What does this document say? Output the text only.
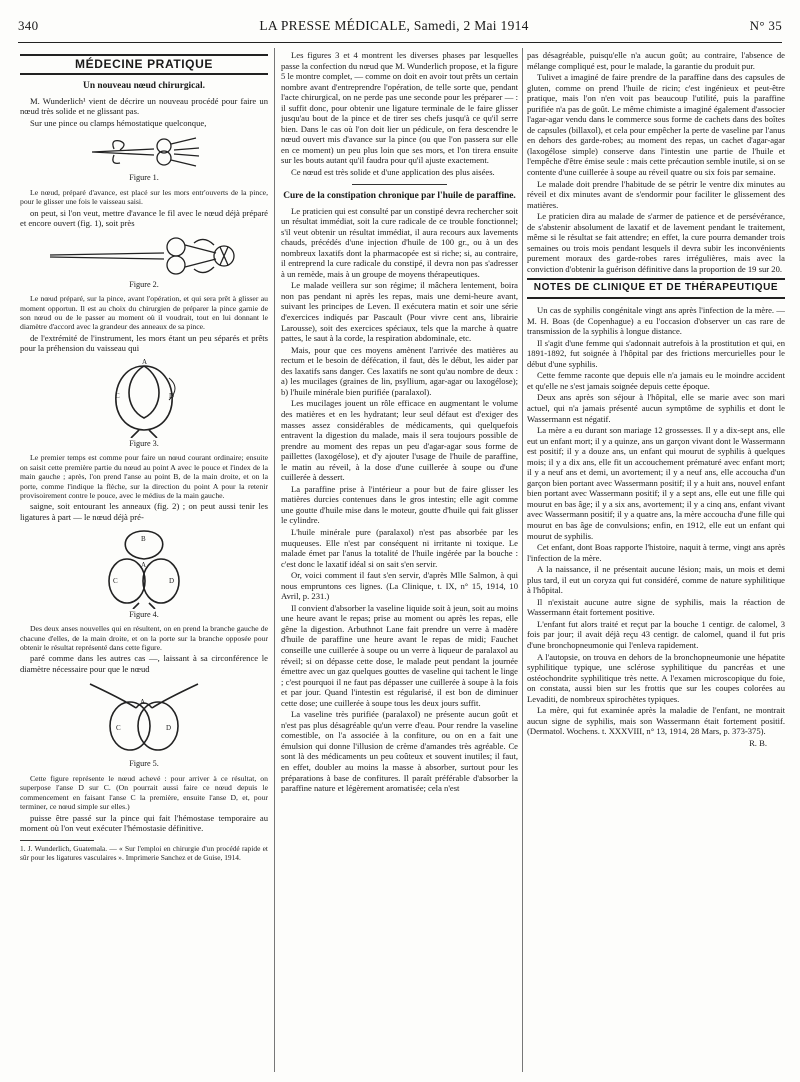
340	LA PRESSE MÉDICALE, Samedi, 2 Mai 1914	N° 35
MÉDECINE PRATIQUE
Un nouveau nœud chirurgical.

M. Wunderlich¹ vient de décrire un nouveau procédé pour faire un nœud très solide et ne glissant pas.

Sur une pince ou clamps hémostatique quelconque,

Figure 1.

Le nœud, préparé d'avance, est placé sur les mors entr'ouverts de la pince, pour le glisser une fois le vaisseau saisi.

on peut, si l'on veut, mettre d'avance le fil avec le nœud déjà préparé et encore ouvert (fig. 1), soit près

Figure 2.

Le nœud préparé, sur la pince, avant l'opération, et qui sera prêt à glisser au moment opportun. Il est au choix du chirurgien de préparer la pince garnie de son nœud ou de le passer au moment où il voudrait, tout en lui donnant le diamètre d'accord avec la grandeur des anneaux de sa pince.

de l'extrémité de l'instrument, les mors étant un peu séparés et prêts pour la préhension du vaisseau qui

A
C	D
Figure 3.

Le premier temps est comme pour faire un nœud courant ordinaire; ensuite on saisit cette première partie du nœud au point A avec le pouce et l'index de la main gauche ; après, l'on prend l'anse au point B, de la main droite, et on la porte, comme l'indique la flèche, sur la direction du point A pour la retenir provisoirement contre le pouce, avec le médius de la main gauche.

saigne, soit entourant les anneaux (fig. 2) ; on peut aussi tenir les ligatures à part — le nœud déjà pré-

B
A
C	D
Figure 4.

Des deux anses nouvelles qui en résultent, on en prend la branche gauche de chacune d'elles, de la main droite, et on la porte sur la branche opposée pour obtenir le résultat représenté dans cette figure.

paré comme dans les autres cas —, laissant à sa circonférence le diamètre nécessaire pour que le nœud

A
C	D
Figure 5.

Cette figure représente le nœud achevé : pour arriver à ce résultat, on superpose l'anse D sur C. (On pourrait aussi faire ce nœud depuis le commencement en faisant l'anse C la première, ensuite l'anse D, et, pour terminer, ce nœud simple sur elles.)

puisse être passé sur la pince qui fait l'hémostase temporaire au moment où l'on veut exécuter l'hémostasie définitive.

1. J. Wunderlich, Guatemala. — « Sur l'emploi en chirurgie d'un procédé rapide et sûr pour les ligatures vasculaires ». Imprimerie Sanchez et de Guise, 1914.

Les figures 3 et 4 montrent les diverses phases par lesquelles passe la confection du nœud que M. Wunderlich propose, et la figure 5 le montre complet, — comme on doit en avoir tout prêts un certain nombre avant d'entreprendre l'opération, de telle sorte que, pendant l'acte chirurgical, on ne perde pas une seconde pour les préparer — : il suffit donc, pour obtenir une ligature terminale de le faire glisser jusqu'au bout de la pince et de tirer ses chefs jusqu'à ce qu'il serre bien. Dans le cas où l'on doit lier un pédicule, on fera descendre le nœud ouvert mis d'avance sur la pince (ou que l'on passera sur elle en ce moment) un peu plus loin que ses mors, et l'on tirera ensuite sur les bouts autant qu'il faudra pour qu'il ajuste exactement.

Ce nœud est très solide et d'une application des plus aisées.

Cure de la constipation chronique par l'huile de paraffine.

Le praticien qui est consulté par un constipé devra rechercher soit un résultat immédiat, soit la cure radicale de ce trouble fonctionnel; s'il veut obtenir un résultat immédiat, il aura recours aux lavements chauds, précédés d'une injection d'huile de 100 gr., ou à un des nombreux laxatifs dont la pharmacopée est si riche; si, au contraire, il entreprend la cure radicale du constipé, il devra non pas s'adresser à un remède, mais à un groupe de moyens thérapeutiques.

Le malade veillera sur son régime; il mâchera lentement, boira non pas pendant ni après les repas, mais une demi-heure avant, suivant les principes de Leven. Il exécutera matin et soir une série d'exercices indiqués par Pascault (Pour vivre cent ans, librairie Larousse), soit des exercices spéciaux, tels que la marche à quatre pattes, le saut à la corde, la respiration abdominale, etc.

Mais, pour que ces moyens amènent l'arrivée des matières au rectum et le besoin de défécation, il faut, dès le début, les aider par des laxatifs sans danger. Ces laxatifs ne sont qu'au nombre de deux : a) les mucilages (graines de lin, psyllium, agar-agar ou laxogélose); b) l'huile minérale bien purifiée (paralaxol).

Les mucilages jouent un rôle efficace en augmentant le volume des matières et en les hydratant; leur seul défaut est d'exiger des masses assez considérables de médicaments, qui quelquefois entravent la digestion du malade, mais il sera toujours possible de prendre au moment des repas un peu d'agar-agar sous forme de paillettes (laxogélose), et d'y ajouter l'usage de l'huile de paraffine, le matin au réveil, à la dose d'une cuillerée à soupe ou d'une cuillerée à dessert.

La paraffine prise à l'intérieur a pour but de faire glisser les matières durcies contenues dans le gros intestin; elle agit comme une goutte d'huile mise dans le moteur, goutte d'huile qui fait glisser le cylindre.

L'huile minérale pure (paralaxol) n'est pas absorbée par les muqueuses. Elle n'est par conséquent ni irritante ni toxique. Le malade émet par l'anus la totalité de l'huile ingérée par la bouche : c'est donc le laxatif idéal si on sait s'en servir.

Or, voici comment il faut s'en servir, d'après Mlle Salmon, à qui nous empruntons ces lignes. (La Clinique, t. IX, n° 15, 1914, 10 Avril, p. 231.)

Il convient d'absorber la vaseline liquide soit à jeun, soit au moins une heure avant le repas; prise au moment ou après les repas, elle gêne la digestion. Arbuthnot Lane fait prendre un verre à madère d'huile de paraffine une heure avant le repas de midi; Fauchet conseille une cuillerée à soupe ou un verre à liqueur de paralaxol au réveil; si on dépasse cette dose, le malade peut pendant la journée émettre avec un gaz quelques gouttes de vaseline qui tachent le linge ; c'est pourquoi il ne faut pas dépasser une cuillerée à soupe à la fois et par jour. Quand l'intestin est régularisé, il est bon de diminuer cette dose; une cuillerée à soupe tous les deux jours suffit.

La vaseline très purifiée (paralaxol) ne présente aucun goût et n'est pas plus désagréable qu'un verre d'eau. Pour rendre la vaseline comestible, on l'a associée à la confiture, ou on en a fait une émulsion qui donne l'illusion de crème d'amandes très agréable. Ce sont là des médicaments un peu coûteux et souvent inutiles; il faut, en effet, doubler au moins la masse à absorber, surtout pour les préparations à base de confitures. Il paraît préférable d'absorber la paraffine nature et légèrement aromatisée; cela n'est

pas désagréable, puisqu'elle n'a aucun goût; au contraire, l'absence de mélange compliqué est, pour le malade, la garantie du produit pur.

Tulivet a imaginé de faire prendre de la paraffine dans des capsules de gluten, comme on prend l'huile de ricin; c'est ingénieux et peut-être pratique, mais l'on n'en voit pas beaucoup l'utilité, puis la paraffine purifiée n'a pas de goût. Le même chimiste a imaginé également d'associer l'agar-agar vendu dans le commerce sous forme de cachets dans des boîtes de capsules (billaxol), et cela pour empêcher la perte de vaseline par l'anus en dehors des garde-robes; au moment des repas, un cachet d'agar-agar (laxogélose simple) conserve dans l'intestin une partie de l'huile et l'empêche d'être émise seule : mais cette précaution semble inutile, si on se contente d'une cuillerée à soupe au réveil quatre ou six fois par semaine.

Le malade doit prendre l'habitude de se pétrir le ventre dix minutes au réveil et dix minutes avant de s'endormir pour faciliter le glissement des matières.

Le praticien dira au malade de s'armer de patience et de persévérance, de s'abstenir absolument de laxatif et de lavement pendant le traitement, même si le résultat se fait attendre; en effet, la cure pourra demander trois semaines ou trois mois pendant lesquels il devra subir les inconvénients purement moraux des garde-robes rares irrégulières, mais avec la conviction d'obtenir la guérison définitive dans la proportion de 19 sur 20.

NOTES DE CLINIQUE ET DE THÉRAPEUTIQUE

Un cas de syphilis congénitale vingt ans après l'infection de la mère. — M. H. Boas (de Copenhague) a eu l'occasion d'observer un cas rare de transmission de la syphilis à longue distance.

Il s'agit d'une femme qui s'adonnait autrefois à la prostitution et qui, en 1891-1892, fut soignée à l'hôpital par des frictions mercurielles pour le début d'une syphilis.

Cette femme raconte que depuis elle n'a jamais eu le moindre accident et qu'elle ne s'est jamais soignée depuis cette époque.

Deux ans après son séjour à l'hôpital, elle se marie avec son mari actuel, qui n'a jamais présenté aucun symptôme de syphilis et dont le Wassermann est négatif.

La mère a eu durant son mariage 12 grossesses. Il y a dix-sept ans, elle eut un enfant mort; il y a quinze, ans un garçon vivant dont le Wassermann est positif; il y a douze ans, un enfant qui mourut de syphilis à quelques mois; il y a dix ans, elle fit un accouchement prématuré avec enfant mort; il y a neuf ans et demi, un avortement; il y a neuf ans, elle accoucha d'un garçon bien portant avec Wassermann positif; il y a huit ans, nouvel enfant bien portant avec Wassermann positif; il y a sept ans, elle eut une fille qui mourut en bas âge; il y a six ans, avortement; il y a cinq ans, enfant vivant avec Wassermann positif; il y a quatre ans, la mère accoucha d'une fille qui mourut en bas âge de convulsions; enfin, en 1912, elle eut un enfant qui mourut de syphilis.

Cet enfant, dont Boas rapporte l'histoire, naquit à terme, vingt ans après l'infection de la mère.

A la naissance, il ne présentait aucune lésion; mais, un mois et demi plus tard, il eut un coryza qui fut considéré, comme de nature syphilitique à l'hôpital.

Il n'existait aucune autre signe de syphilis, mais la réaction de Wassermann était fortement positive.

L'enfant fut alors traité et reçut par la bouche 1 centigr. de calomel, 3 fois par jour; il avait déjà reçu 43 centigr. de calomel, quand il fut pris d'une bronchopneumonie qui l'enleva rapidement.

A l'autopsie, on trouva en dehors de la bronchopneumonie une hépatite syphilitique typique, une sclérose syphilitique du pancréas et une ostéochondrite syphilitique très nette. A l'examen microscopique du foie, on constata, aussi bien sur les frottis que sur les coupes colorées au Levaditi, de nombreux spirochètes typiques.

La mère, qui fut examinée après la maladie de l'enfant, ne montrait aucun signe de syphilis, mais son Wassermann était fortement positif. (Dermatol. Wochens. t. XXXVIII, n° 13, 1914, 28 Mars, p. 373-375).

R. B.
